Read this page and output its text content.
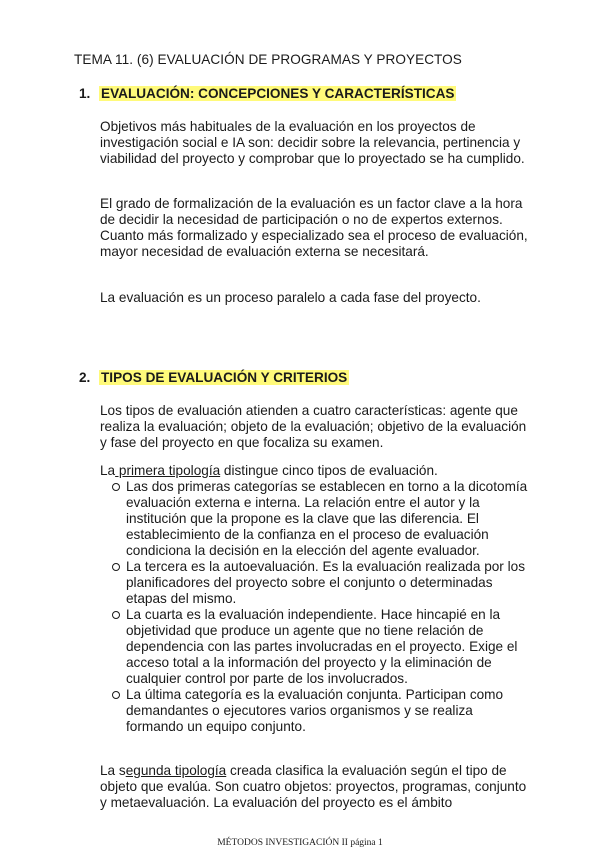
TEMA 11. (6) EVALUACIÓN DE PROGRAMAS Y PROYECTOS
1. EVALUACIÓN: CONCEPCIONES Y CARACTERÍSTICAS

Objetivos más habituales de la evaluación en los proyectos de investigación social e IA son: decidir sobre la relevancia, pertinencia y viabilidad del proyecto y comprobar que lo proyectado se ha cumplido.

El grado de formalización de la evaluación es un factor clave a la hora de decidir la necesidad de participación o no de expertos externos. Cuanto más formalizado y especializado sea el proceso de evaluación, mayor necesidad de evaluación externa se necesitará.

La evaluación es un proceso paralelo a cada fase del proyecto.

2. TIPOS DE EVALUACIÓN Y CRITERIOS

Los tipos de evaluación atienden a cuatro características: agente que realiza la evaluación; objeto de la evaluación; objetivo de la evaluación y fase del proyecto en que focaliza su examen.

La primera tipología distingue cinco tipos de evaluación.

Las dos primeras categorías se establecen en torno a la dicotomía evaluación externa e interna. La relación entre el autor y la institución que la propone es la clave que las diferencia. El establecimiento de la confianza en el proceso de evaluación condiciona la decisión en la elección del agente evaluador.
La tercera es la autoevaluación. Es la evaluación realizada por los planificadores del proyecto sobre el conjunto o determinadas etapas del mismo.
La cuarta es la evaluación independiente. Hace hincapié en la objetividad que produce un agente que no tiene relación de dependencia con las partes involucradas en el proyecto. Exige el acceso total a la información del proyecto y la eliminación de cualquier control por parte de los involucrados.
La última categoría es la evaluación conjunta. Participan como demandantes o ejecutores varios organismos y se realiza formando un equipo conjunto.

La segunda tipología creada clasifica la evaluación según el tipo de objeto que evalúa. Son cuatro objetos: proyectos, programas, conjunto y metaevaluación. La evaluación del proyecto es el ámbito

MÉTODOS INVESTIGACIÓN II página 1
